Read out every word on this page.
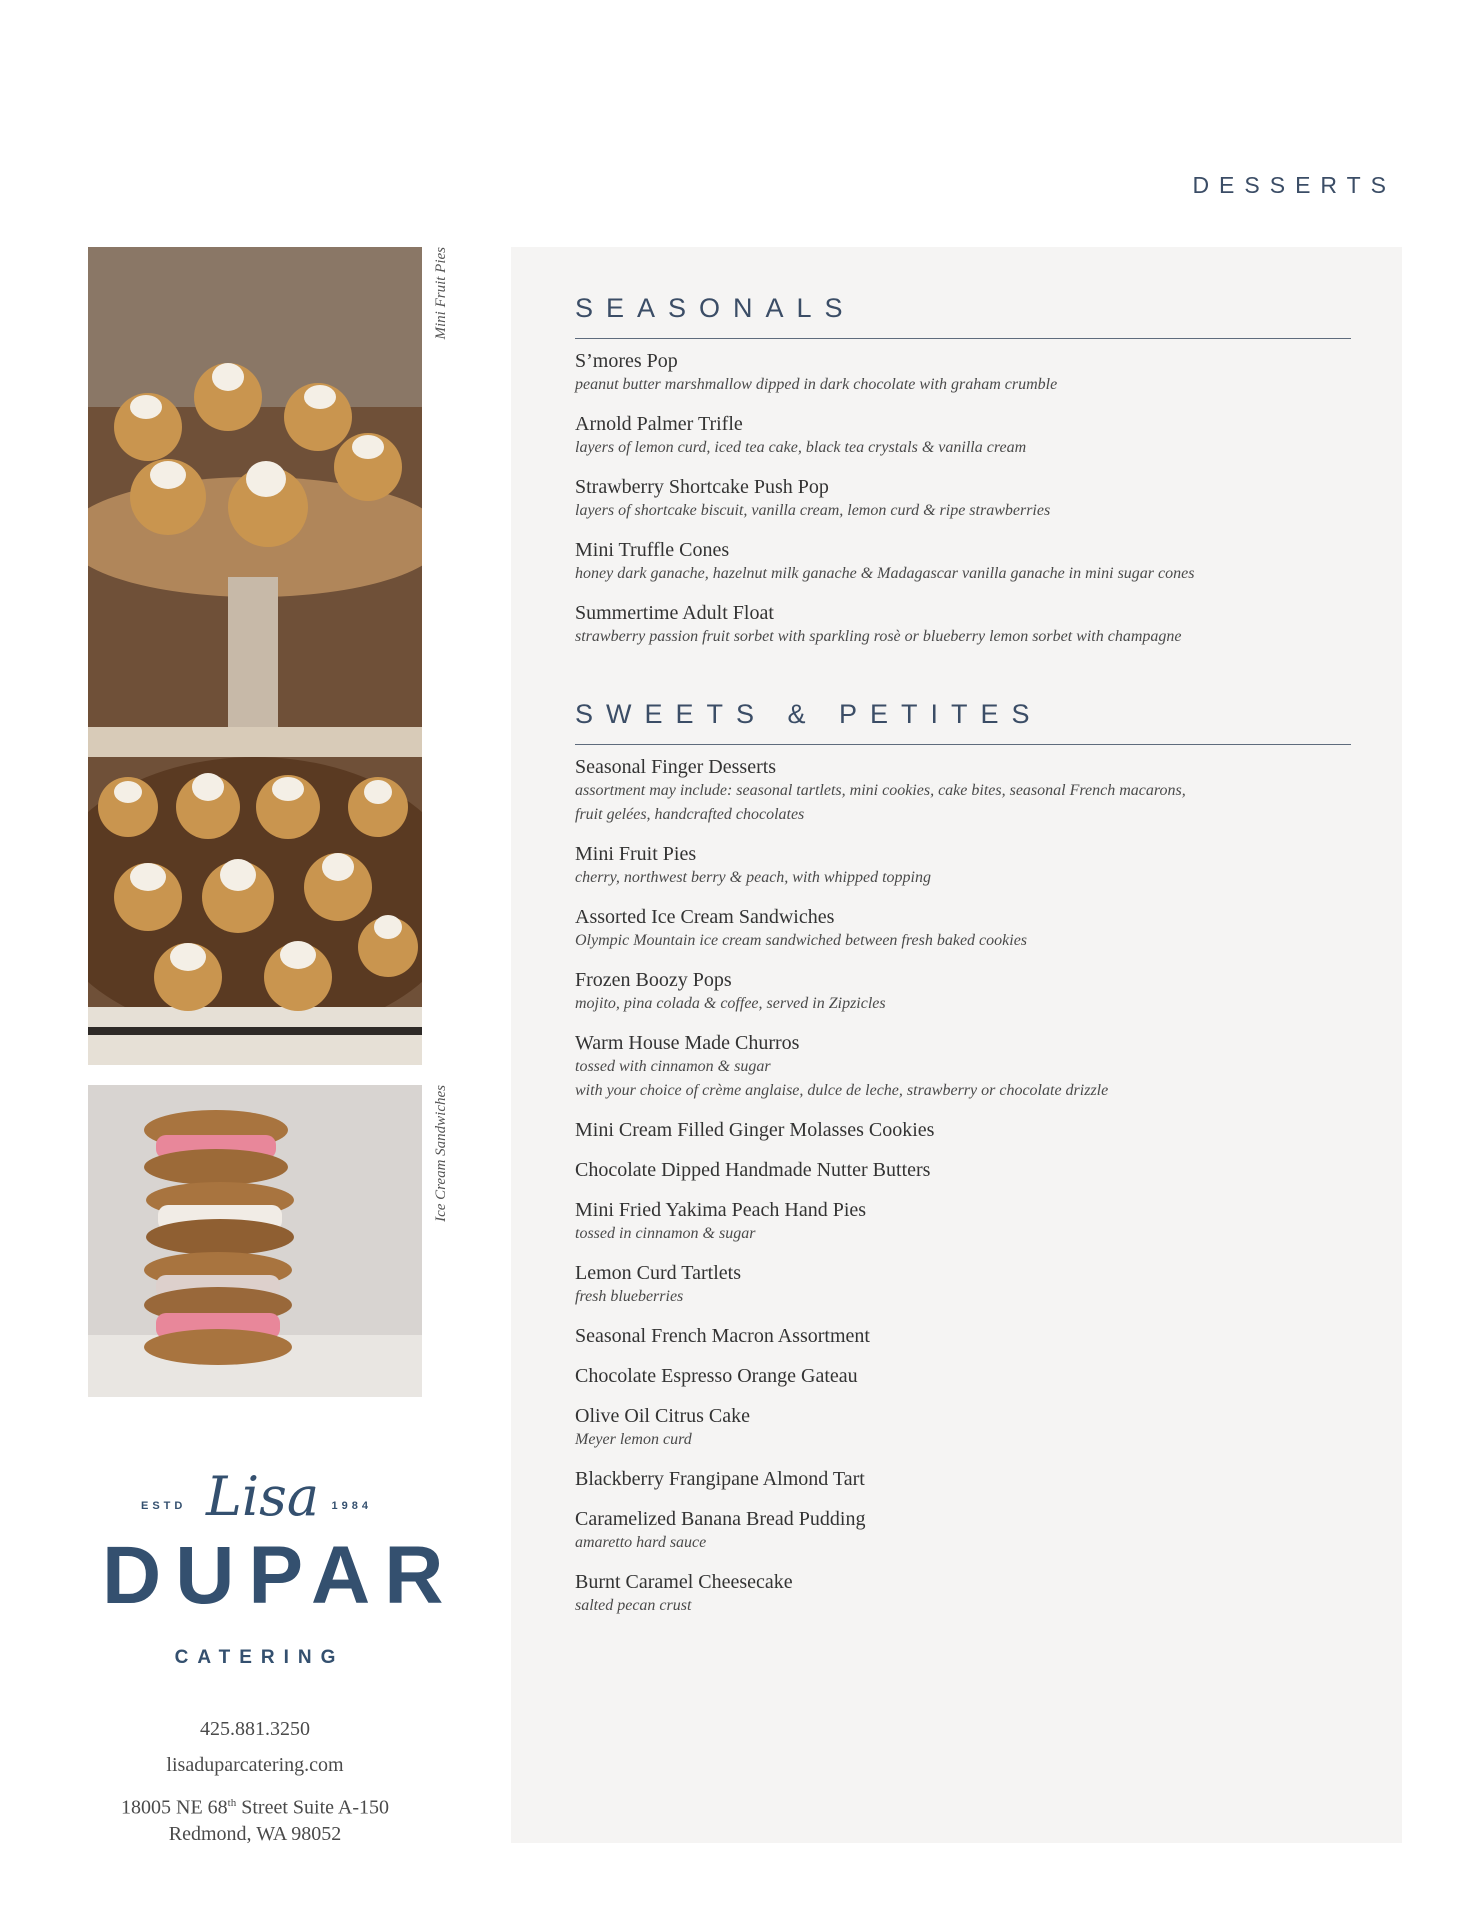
DESSERTS
Mini Fruit Pies
Ice Cream Sandwiches
ESTD Lisa 1984
DUPAR
CATERING
425.881.3250
lisaduparcatering.com
18005 NE 68th Street Suite A-150
Redmond, WA 98052
SEASONALS
S’mores Pop
peanut butter marshmallow dipped in dark chocolate with graham crumble
Arnold Palmer Trifle
layers of lemon curd, iced tea cake, black tea crystals & vanilla cream
Strawberry Shortcake Push Pop
layers of shortcake biscuit, vanilla cream, lemon curd & ripe strawberries
Mini Truffle Cones
honey dark ganache, hazelnut milk ganache & Madagascar vanilla ganache in mini sugar cones
Summertime Adult Float
strawberry passion fruit sorbet with sparkling rosè or blueberry lemon sorbet with champagne
SWEETS & PETITES
Seasonal Finger Desserts
assortment may include: seasonal tartlets, mini cookies, cake bites, seasonal French macarons,
fruit gelées, handcrafted chocolates
Mini Fruit Pies
cherry, northwest berry & peach, with whipped topping
Assorted Ice Cream Sandwiches
Olympic Mountain ice cream sandwiched between fresh baked cookies
Frozen Boozy Pops
mojito, pina colada & coffee, served in Zipzicles
Warm House Made Churros
tossed with cinnamon & sugar
with your choice of crème anglaise, dulce de leche, strawberry or chocolate drizzle
Mini Cream Filled Ginger Molasses Cookies
Chocolate Dipped Handmade Nutter Butters
Mini Fried Yakima Peach Hand Pies
tossed in cinnamon & sugar
Lemon Curd Tartlets
fresh blueberries
Seasonal French Macron Assortment
Chocolate Espresso Orange Gateau
Olive Oil Citrus Cake
Meyer lemon curd
Blackberry Frangipane Almond Tart
Caramelized Banana Bread Pudding
amaretto hard sauce
Burnt Caramel Cheesecake
salted pecan crust
